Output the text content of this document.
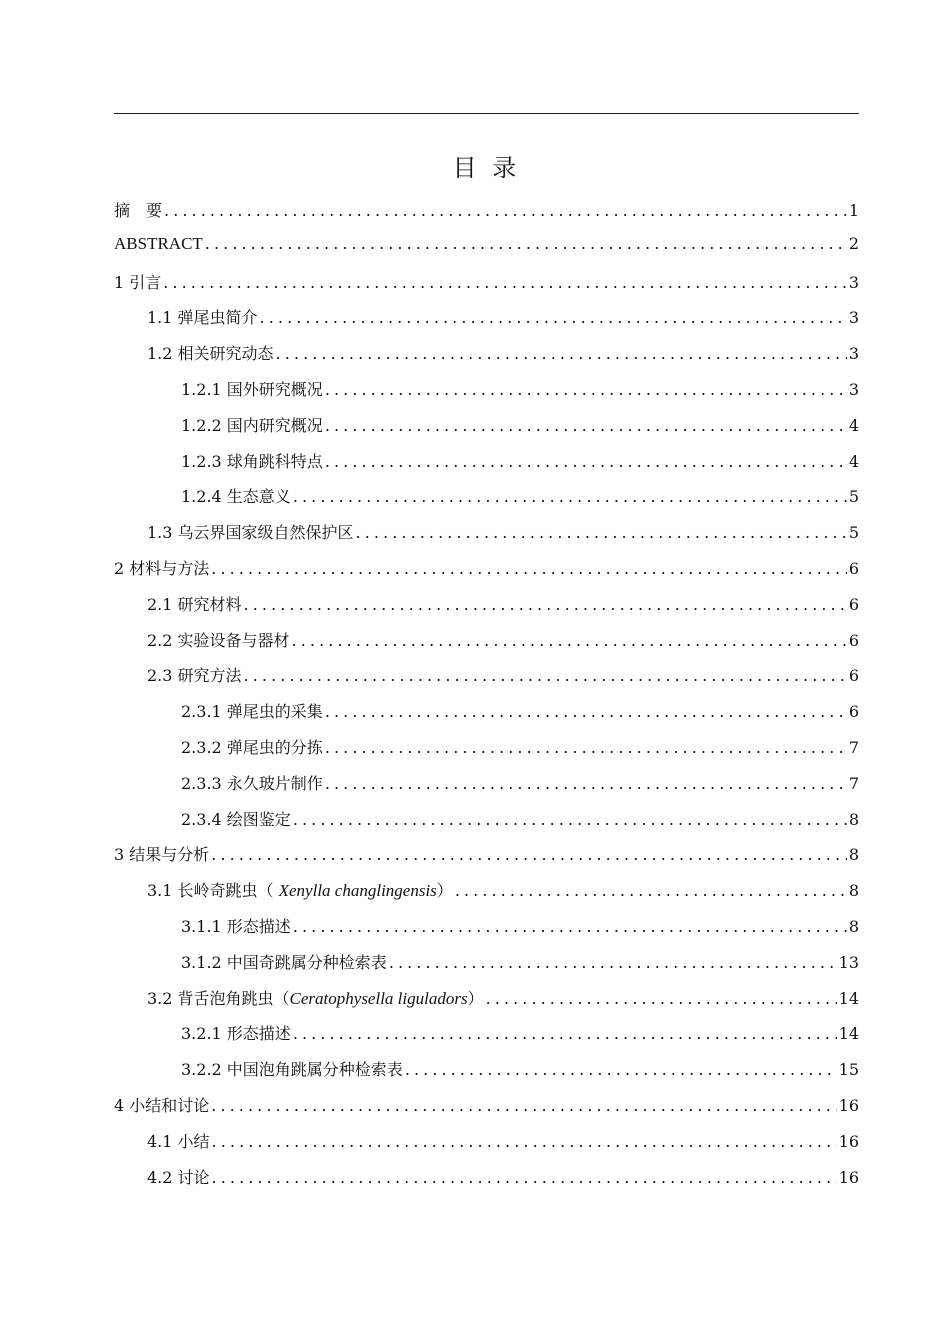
目 录
摘　要 . . .	1
ABSTRACT . . .	2
1 引言 . . .	3
1.1 弹尾虫简介 . . .	3
1.2 相关研究动态 . . .	3
1.2.1 国外研究概况 . . .	3
1.2.2 国内研究概况 . . .	4
1.2.3 球角跳科特点 . . .	4
1.2.4 生态意义 . . .	5
1.3 乌云界国家级自然保护区 . . .	5
2 材料与方法 . . .	6
2.1 研究材料 . . .	6
2.2 实验设备与器材 . . .	6
2.3 研究方法 . . .	6
2.3.1 弹尾虫的采集 . . .	6
2.3.2 弹尾虫的分拣 . . .	7
2.3.3 永久玻片制作 . . .	7
2.3.4 绘图鉴定 . . .	8
3 结果与分析 . . .	8
3.1 长岭奇跳虫（ Xenylla changlingensis） . . .	8
3.1.1 形态描述 . . .	8
3.1.2 中国奇跳属分种检索表 . . .	13
3.2 背舌泡角跳虫（Ceratophysella liguladors） . . .	14
3.2.1 形态描述 . . .	14
3.2.2 中国泡角跳属分种检索表 . . .	15
4 小结和讨论 . . .	16
4.1 小结 . . .	16
4.2 讨论 . . .	16
